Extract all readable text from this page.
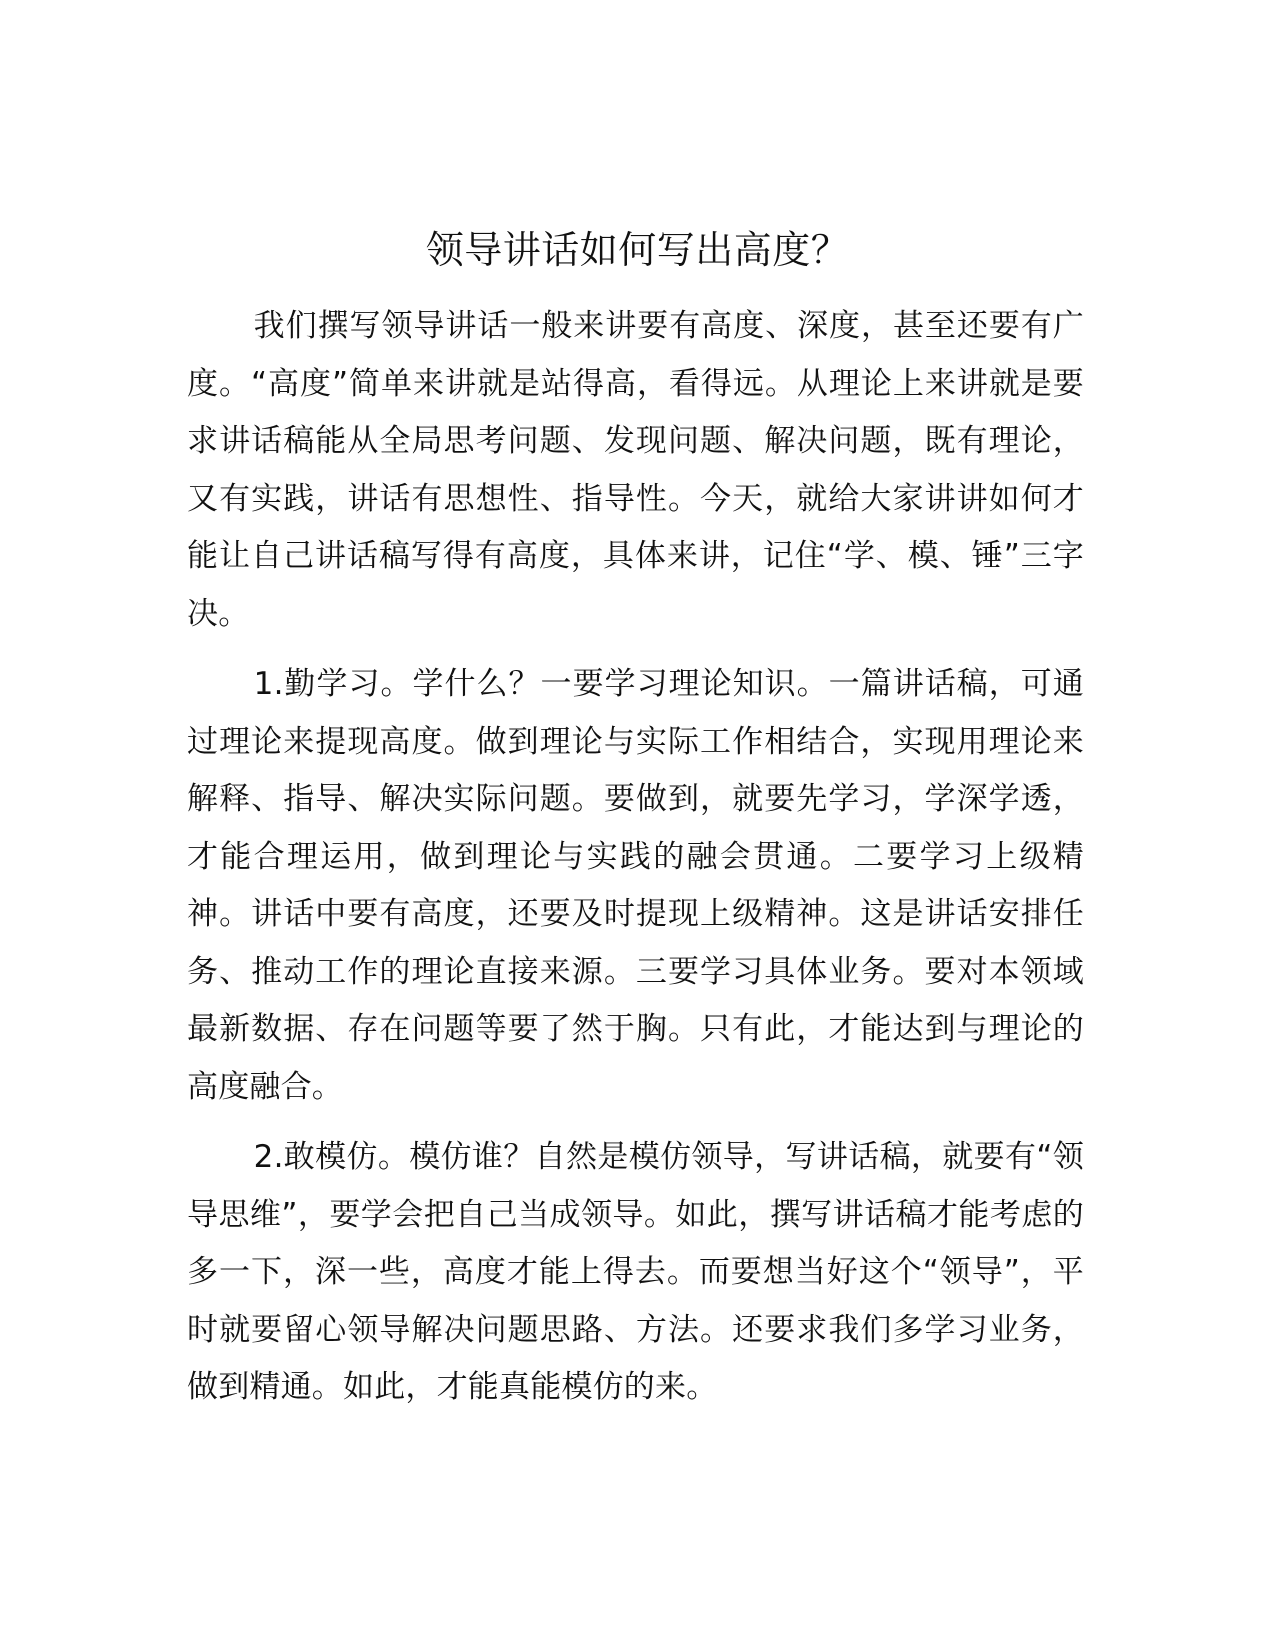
领导讲话如何写出高度？

我们撰写领导讲话一般来讲要有高度、深度，甚至还要有广度。“高度”简单来讲就是站得高，看得远。从理论上来讲就是要求讲话稿能从全局思考问题、发现问题、解决问题，既有理论，又有实践，讲话有思想性、指导性。今天，就给大家讲讲如何才能让自己讲话稿写得有高度，具体来讲，记住“学、模、锤”三字决。

1.勤学习。学什么？一要学习理论知识。一篇讲话稿，可通过理论来提现高度。做到理论与实际工作相结合，实现用理论来解释、指导、解决实际问题。要做到，就要先学习，学深学透，才能合理运用，做到理论与实践的融会贯通。二要学习上级精神。讲话中要有高度，还要及时提现上级精神。这是讲话安排任务、推动工作的理论直接来源。三要学习具体业务。要对本领域最新数据、存在问题等要了然于胸。只有此，才能达到与理论的高度融合。

2.敢模仿。模仿谁？自然是模仿领导，写讲话稿，就要有“领导思维”，要学会把自己当成领导。如此，撰写讲话稿才能考虑的多一下，深一些，高度才能上得去。而要想当好这个“领导”，平时就要留心领导解决问题思路、方法。还要求我们多学习业务，做到精通。如此，才能真能模仿的来。
